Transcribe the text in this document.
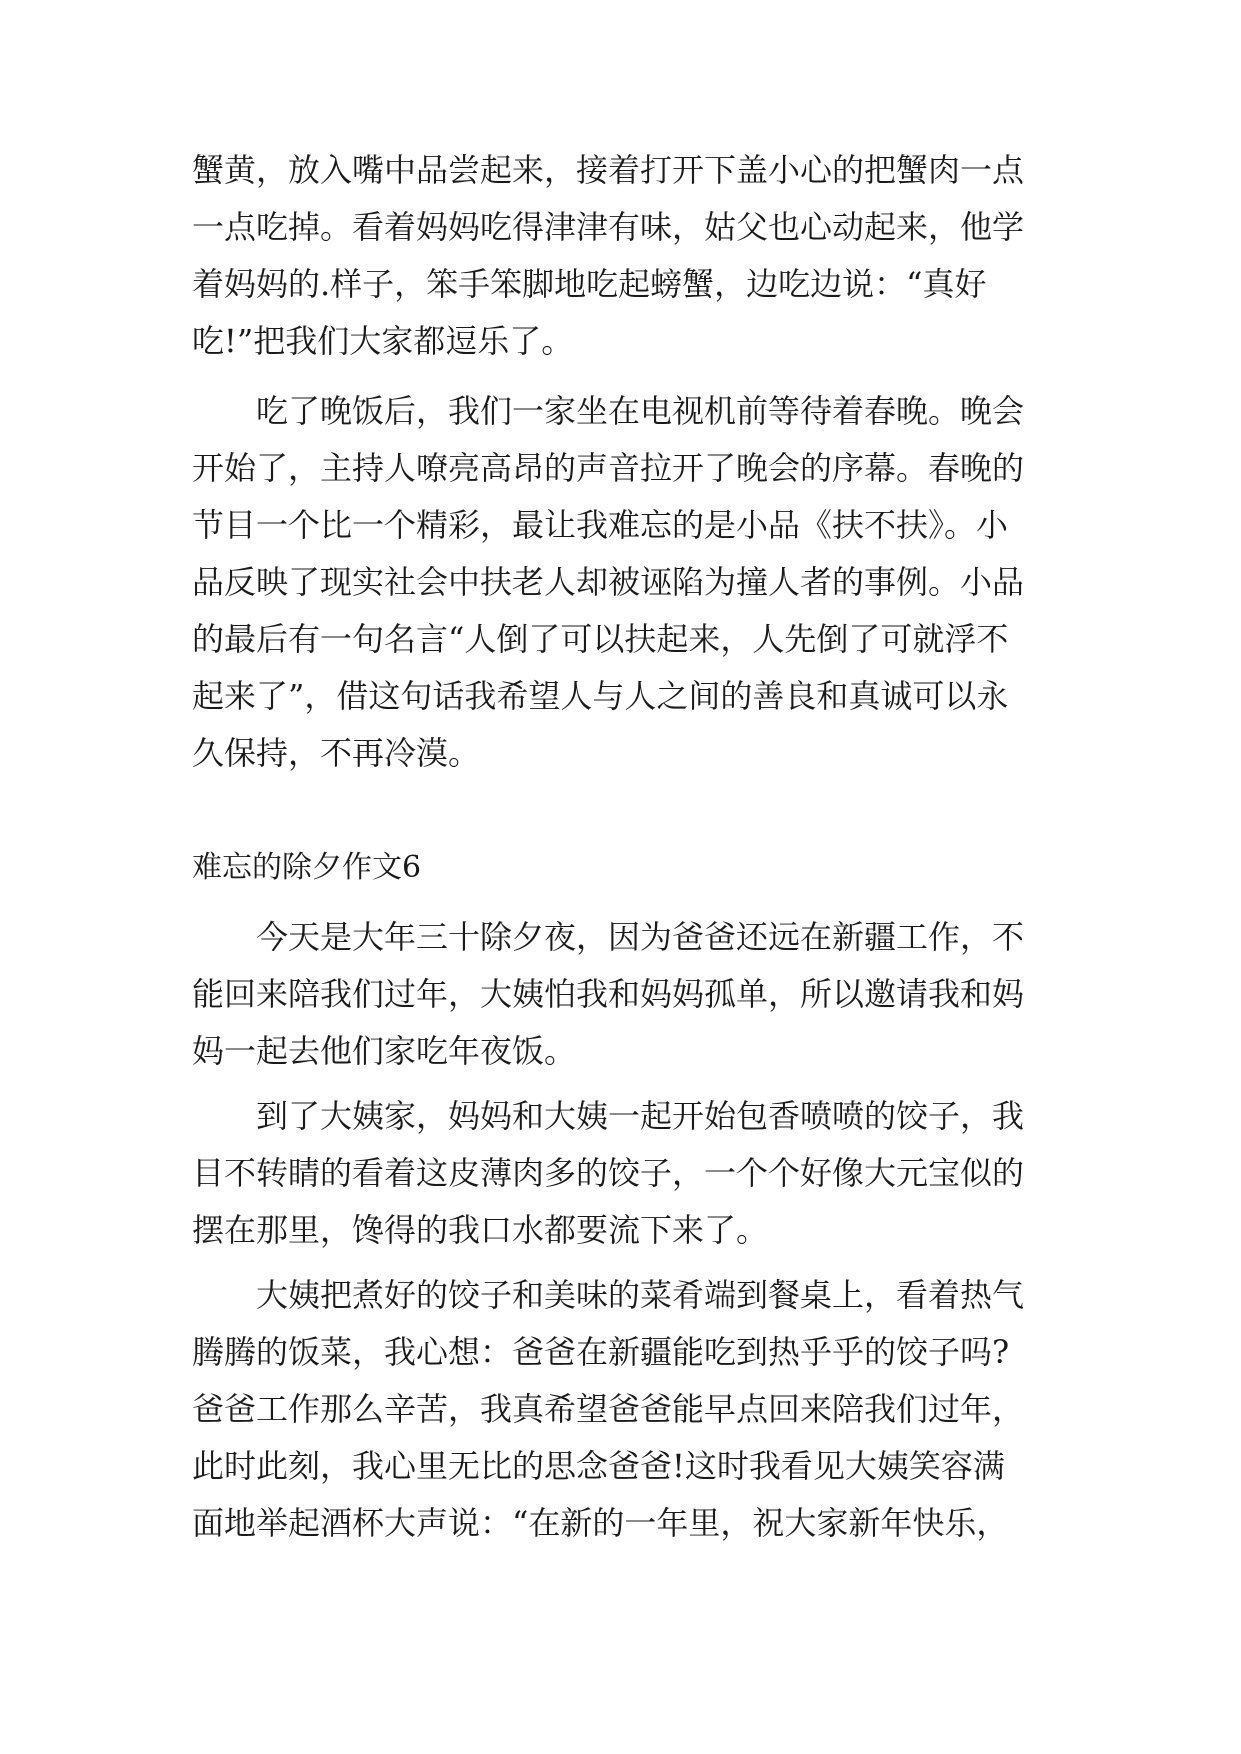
蟹黄，放入嘴中品尝起来，接着打开下盖小心的把蟹肉一点
一点吃掉。看着妈妈吃得津津有味，姑父也心动起来，他学
着妈妈的.样子，笨手笨脚地吃起螃蟹，边吃边说：“真好
吃!”把我们大家都逗乐了。
吃了晚饭后，我们一家坐在电视机前等待着春晚。晚会
开始了，主持人嘹亮高昂的声音拉开了晚会的序幕。春晚的
节目一个比一个精彩，最让我难忘的是小品《扶不扶》。小
品反映了现实社会中扶老人却被诬陷为撞人者的事例。小品
的最后有一句名言“人倒了可以扶起来，人先倒了可就浮不
起来了”，借这句话我希望人与人之间的善良和真诚可以永
久保持，不再冷漠。
难忘的除夕作文6
今天是大年三十除夕夜，因为爸爸还远在新疆工作，不
能回来陪我们过年，大姨怕我和妈妈孤单，所以邀请我和妈
妈一起去他们家吃年夜饭。
到了大姨家，妈妈和大姨一起开始包香喷喷的饺子，我
目不转睛的看着这皮薄肉多的饺子，一个个好像大元宝似的
摆在那里，馋得的我口水都要流下来了。
大姨把煮好的饺子和美味的菜肴端到餐桌上，看着热气
腾腾的饭菜，我心想：爸爸在新疆能吃到热乎乎的饺子吗?
爸爸工作那么辛苦，我真希望爸爸能早点回来陪我们过年，
此时此刻，我心里无比的思念爸爸!这时我看见大姨笑容满
面地举起酒杯大声说：“在新的一年里，祝大家新年快乐，
